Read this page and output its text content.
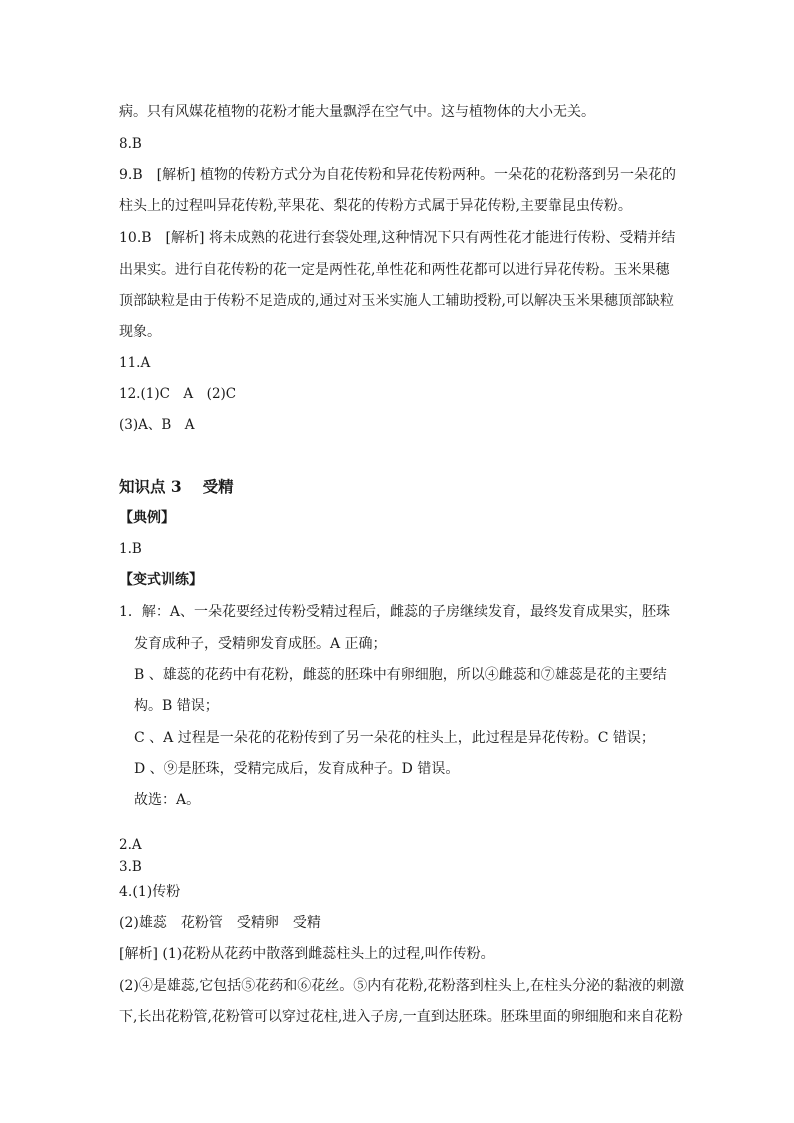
病。只有风媒花植物的花粉才能大量飘浮在空气中。这与植物体的大小无关。
8.B
9.B　[解析] 植物的传粉方式分为自花传粉和异花传粉两种。一朵花的花粉落到另一朵花的
柱头上的过程叫异花传粉,苹果花、梨花的传粉方式属于异花传粉,主要靠昆虫传粉。
10.B　[解析] 将未成熟的花进行套袋处理,这种情况下只有两性花才能进行传粉、受精并结
出果实。进行自花传粉的花一定是两性花,单性花和两性花都可以进行异花传粉。玉米果穗
顶部缺粒是由于传粉不足造成的,通过对玉米实施人工辅助授粉,可以解决玉米果穗顶部缺粒
现象。
11.A
12.(1)C　A　(2)C
(3)A、B　A
知识点 3　 受精
【典例】
1.B
【变式训练】
1．解：A、一朵花要经过传粉受精过程后，雌蕊的子房继续发育，最终发育成果实，胚珠
发育成种子，受精卵发育成胚。A 正确；
B 、雄蕊的花药中有花粉，雌蕊的胚珠中有卵细胞，所以④雌蕊和⑦雄蕊是花的主要结
构。B 错误；
C 、A 过程是一朵花的花粉传到了另一朵花的柱头上，此过程是异花传粉。C 错误；
D 、⑨是胚珠，受精完成后，发育成种子。D 错误。
故选：A。
2.A
3.B
4.(1)传粉
(2)雄蕊　花粉管　受精卵　受精
[解析] (1)花粉从花药中散落到雌蕊柱头上的过程,叫作传粉。
(2)④是雄蕊,它包括⑤花药和⑥花丝。⑤内有花粉,花粉落到柱头上,在柱头分泌的黏液的刺激
下,长出花粉管,花粉管可以穿过花柱,进入子房,一直到达胚珠。胚珠里面的卵细胞和来自花粉
